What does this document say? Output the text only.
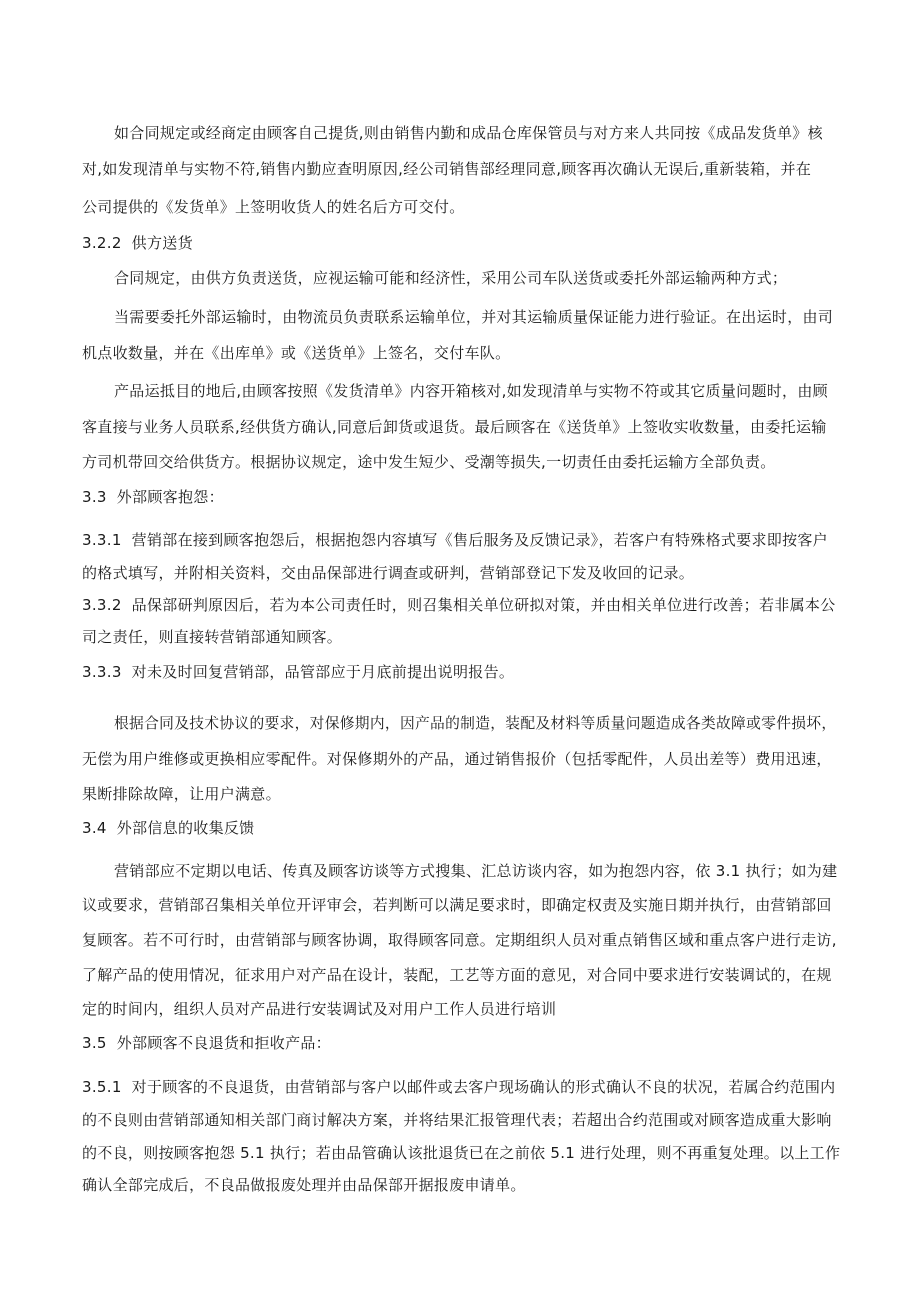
如合同规定或经商定由顾客自己提货,则由销售内勤和成品仓库保管员与对方来人共同按《成品发货单》核
对,如发现清单与实物不符,销售内勤应查明原因,经公司销售部经理同意,顾客再次确认无误后,重新装箱，并在
公司提供的《发货单》上签明收货人的姓名后方可交付。
3.2.2 供方送货
合同规定，由供方负责送货，应视运输可能和经济性，采用公司车队送货或委托外部运输两种方式；
当需要委托外部运输时，由物流员负责联系运输单位，并对其运输质量保证能力进行验证。在出运时，由司
机点收数量，并在《出库单》或《送货单》上签名，交付车队。
产品运抵目的地后,由顾客按照《发货清单》内容开箱核对,如发现清单与实物不符或其它质量问题时，由顾
客直接与业务人员联系,经供货方确认,同意后卸货或退货。最后顾客在《送货单》上签收实收数量，由委托运输
方司机带回交给供货方。根据协议规定，途中发生短少、受潮等损失,一切责任由委托运输方全部负责。
3.3 外部顾客抱怨：
3.3.1 营销部在接到顾客抱怨后，根据抱怨内容填写《售后服务及反馈记录》，若客户有特殊格式要求即按客户
的格式填写，并附相关资料，交由品保部进行调查或研判，营销部登记下发及收回的记录。
3.3.2 品保部研判原因后，若为本公司责任时，则召集相关单位研拟对策，并由相关单位进行改善；若非属本公
司之责任，则直接转营销部通知顾客。
3.3.3 对未及时回复营销部，品管部应于月底前提出说明报告。
根据合同及技术协议的要求，对保修期内，因产品的制造，装配及材料等质量问题造成各类故障或零件损坏，
无偿为用户维修或更换相应零配件。对保修期外的产品，通过销售报价（包括零配件，人员出差等）费用迅速，
果断排除故障，让用户满意。
3.4 外部信息的收集反馈
营销部应不定期以电话、传真及顾客访谈等方式搜集、汇总访谈内容，如为抱怨内容，依 3.1 执行；如为建
议或要求，营销部召集相关单位开评审会，若判断可以满足要求时，即确定权责及实施日期并执行，由营销部回
复顾客。若不可行时，由营销部与顾客协调，取得顾客同意。定期组织人员对重点销售区域和重点客户进行走访,
了解产品的使用情况，征求用户对产品在设计，装配，工艺等方面的意见，对合同中要求进行安装调试的，在规
定的时间内，组织人员对产品进行安装调试及对用户工作人员进行培训
3.5 外部顾客不良退货和拒收产品：
3.5.1 对于顾客的不良退货，由营销部与客户以邮件或去客户现场确认的形式确认不良的状况，若属合约范围内
的不良则由营销部通知相关部门商讨解决方案，并将结果汇报管理代表；若超出合约范围或对顾客造成重大影响
的不良，则按顾客抱怨 5.1 执行；若由品管确认该批退货已在之前依 5.1 进行处理，则不再重复处理。以上工作
确认全部完成后，不良品做报废处理并由品保部开据报废申请单。
